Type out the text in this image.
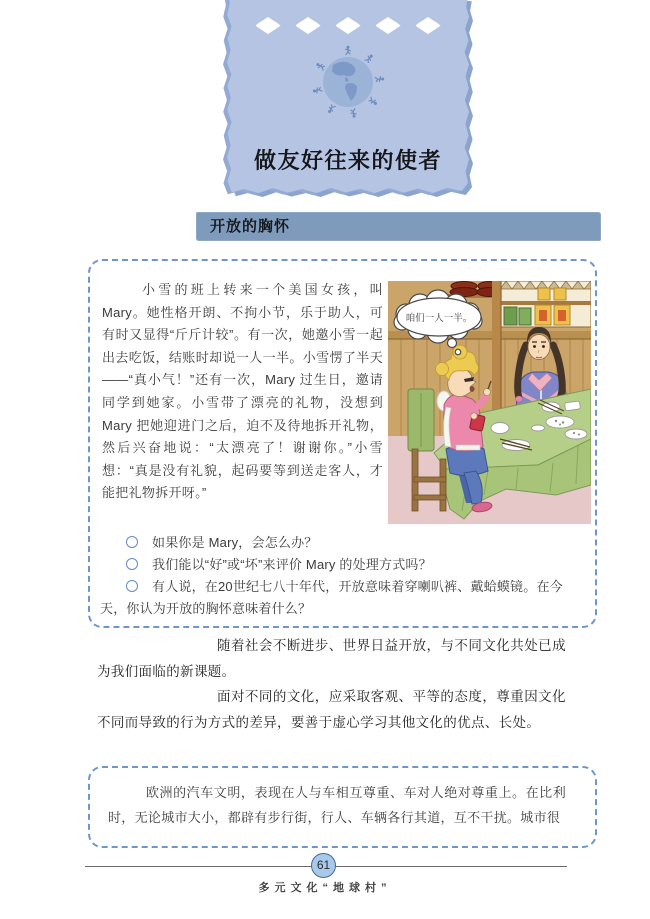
做友好往来的使者
开放的胸怀
小雪的班上转来一个美国女孩，叫Mary。她性格开朗、不拘小节，乐于助人，可有时又显得“斤斤计较”。有一次，她邀小雪一起出去吃饭，结账时却说一人一半。小雪愣了半天——“真小气！”还有一次，Mary 过生日，邀请同学到她家。小雪带了漂亮的礼物，没想到 Mary 把她迎进门之后，迫不及待地拆开礼物，然后兴奋地说：“太漂亮了！谢谢你。”小雪想：“真是没有礼貌，起码要等到送走客人，才能把礼物拆开呀。”
咱们一人一半。
如果你是 Mary，会怎么办？
我们能以“好”或“坏”来评价 Mary 的处理方式吗？
有人说，在20世纪七八十年代，开放意味着穿喇叭裤、戴蛤蟆镜。在今天，你认为开放的胸怀意味着什么？

随着社会不断进步、世界日益开放，与不同文化共处已成为我们面临的新课题。

面对不同的文化，应采取客观、平等的态度，尊重因文化不同而导致的行为方式的差异，要善于虚心学习其他文化的优点、长处。

欧洲的汽车文明，表现在人与车相互尊重、车对人绝对尊重上。在比利时，无论城市大小，都辟有步行街，行人、车辆各行其道，互不干扰。城市很
61
多元文化“地球村”
